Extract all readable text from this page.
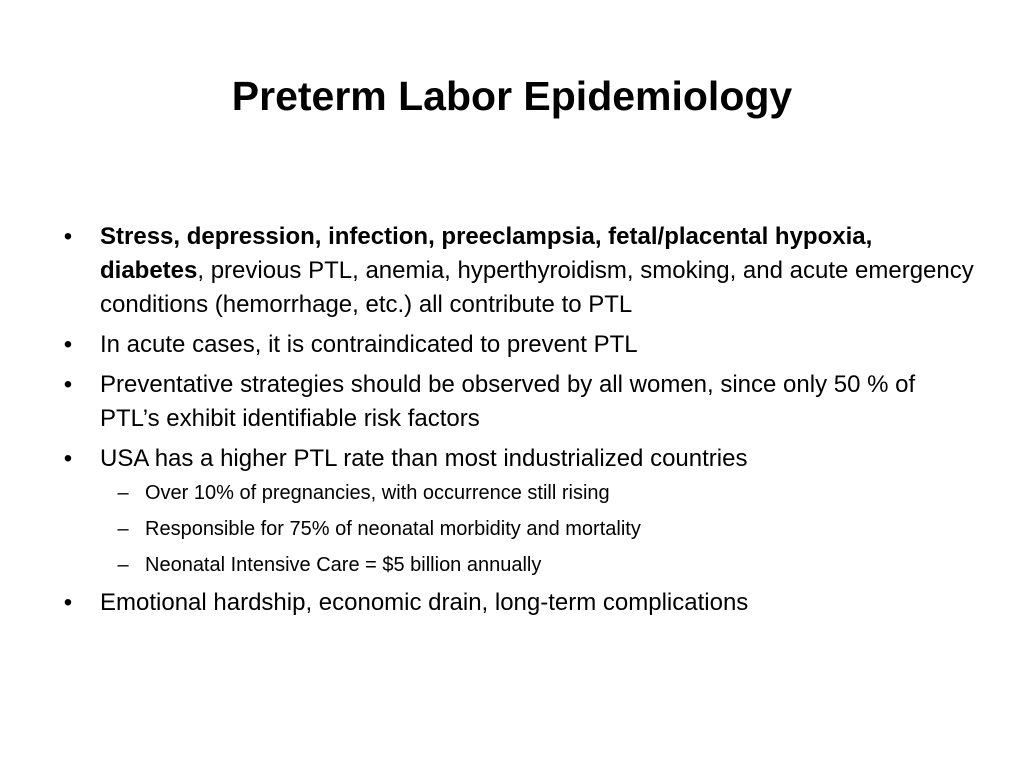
Preterm Labor Epidemiology
• Stress, depression, infection, preeclampsia, fetal/placental hypoxia, diabetes, previous PTL, anemia, hyperthyroidism, smoking, and acute emergency conditions (hemorrhage, etc.) all contribute to PTL
• In acute cases, it is contraindicated to prevent PTL
• Preventative strategies should be observed by all women, since only 50 % of PTL’s exhibit identifiable risk factors
• USA has a higher PTL rate than most industrialized countries
– Over 10% of pregnancies, with occurrence still rising
– Responsible for 75% of neonatal morbidity and mortality
– Neonatal Intensive Care = $5 billion annually
• Emotional hardship, economic drain, long-term complications
